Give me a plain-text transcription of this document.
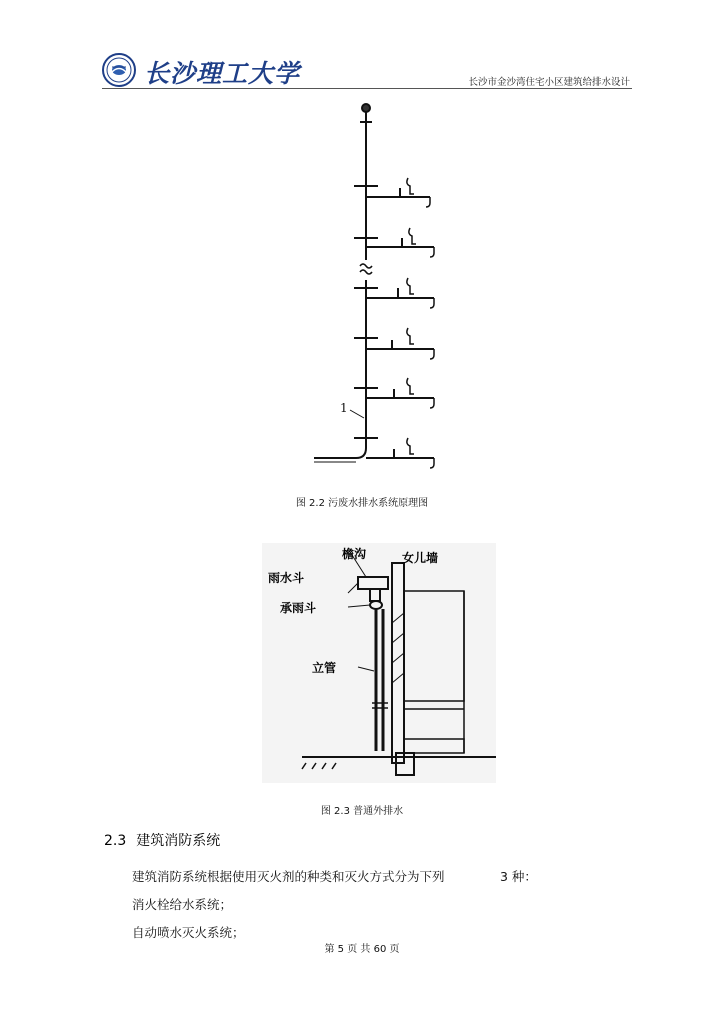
长沙理工大学	长沙市金沙湾住宅小区建筑给排水设计
1
图 2.2 污废水排水系统原理图
檐沟	女儿墙
雨水斗
承雨斗
立管
图 2.3 普通外排水
2.3 建筑消防系统
建筑消防系统根据使用灭火剂的种类和灭火方式分为下列	3 种：
消火栓给水系统；
自动喷水灭火系统；
第 5 页 共 60 页
